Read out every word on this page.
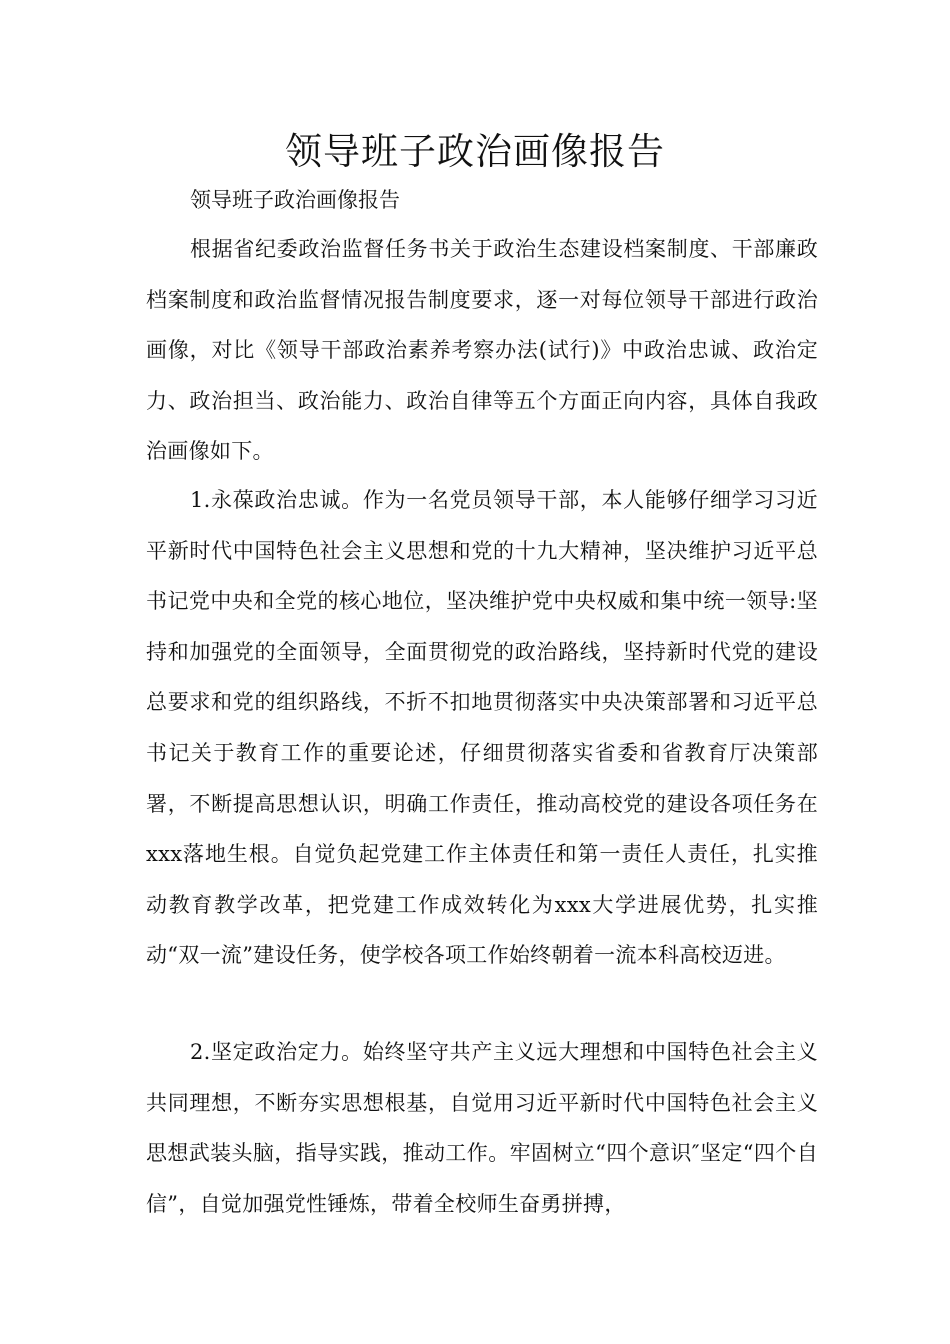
领导班子政治画像报告

领导班子政治画像报告

根据省纪委政治监督任务书关于政治生态建设档案制度、干部廉政档案制度和政治监督情况报告制度要求，逐一对每位领导干部进行政治画像，对比《领导干部政治素养考察办法(试行)》中政治忠诚、政治定力、政治担当、政治能力、政治自律等五个方面正向内容，具体自我政治画像如下。

1.永葆政治忠诚。作为一名党员领导干部，本人能够仔细学习习近平新时代中国特色社会主义思想和党的十九大精神，坚决维护习近平总书记党中央和全党的核心地位，坚决维护党中央权威和集中统一领导:坚持和加强党的全面领导，全面贯彻党的政治路线，坚持新时代党的建设总要求和党的组织路线，不折不扣地贯彻落实中央决策部署和习近平总书记关于教育工作的重要论述，仔细贯彻落实省委和省教育厅决策部署，不断提高思想认识，明确工作责任，推动高校党的建设各项任务在xxx落地生根。自觉负起党建工作主体责任和第一责任人责任，扎实推动教育教学改革，把党建工作成效转化为xxx大学进展优势，扎实推动“双一流”建设任务，使学校各项工作始终朝着一流本科高校迈进。

2.坚定政治定力。始终坚守共产主义远大理想和中国特色社会主义共同理想，不断夯实思想根基，自觉用习近平新时代中国特色社会主义思想武装头脑，指导实践，推动工作。牢固树立“四个意识″坚定“四个自信”，自觉加强党性锤炼，带着全校师生奋勇拼搏，
